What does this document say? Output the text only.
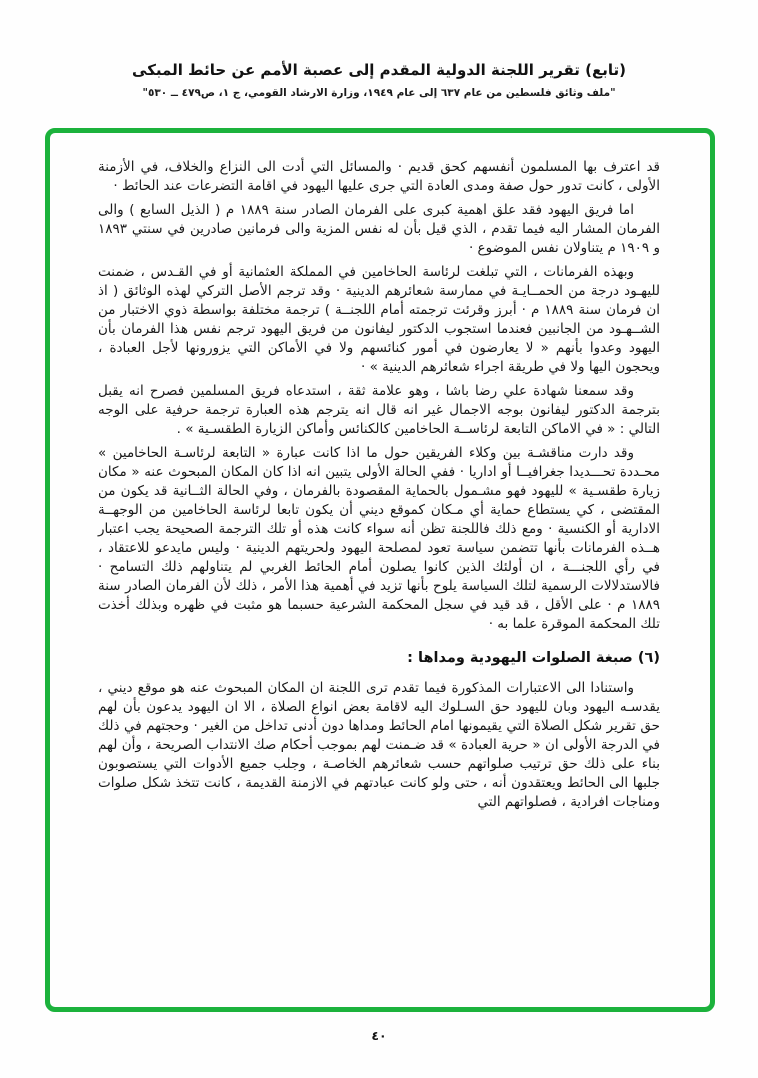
(تابع) تقرير اللجنة الدولية المقدم إلى عصبة الأمم عن حائط المبكى
"ملف وثائق فلسطين من عام ٦٣٧ إلى عام ١٩٤٩، وزارة الارشاد القومي، ج ١، ص٤٧٩ ــ ٥٣٠"

قد اعترف بها المسلمون أنفسهم كحق قديم · والمسائل التي أدت الى النزاع والخلاف، في الأزمنة الأولى ، كانت تدور حول صفة ومدى العادة التي جرى عليها اليهود في اقامة التضرعات عند الحائط ·

اما فريق اليهود فقد علق اهمية كبرى على الفرمان الصادر سنة ١٨٨٩ م ( الذيل السابع ) والى الفرمان المشار اليه فيما تقدم ، الذي قيل بأن له نفس المزية والى فرمانين صادرين في سنتي ١٨٩٣ و ١٩٠٩ م يتناولان نفس الموضوع ·

وبهذه الفرمانات ، التي تبلغت لرئاسة الحاخامين في المملكة العثمانية أو في القـدس ، ضمنت لليهـود درجة من الحمــايـة في ممارسة شعائرهم الدينية · وقد ترجم الأصل التركي لهذه الوثائق ( اذ ان فرمان سنة ١٨٨٩ م · أبرز وقرئت ترجمته أمام اللجنــة ) ترجمة مختلفة بواسطة ذوي الاختبار من الشــهـود من الجانبين فعندما استجوب الدكتور ليفانون من فريق اليهود ترجم نفس هذا الفرمان بأن اليهود وعدوا بأنهم « لا يعارضون في أمور كنائسهم ولا في الأماكن التي يزورونها لأجل العبادة ، ويحجون اليها ولا في طريقة اجراء شعائرهم الدينية » ·

وقد سمعنا شهادة علي رضا باشا ، وهو علامة ثقة ، استدعاه فريق المسلمين فصرح انه يقبل بترجمة الدكتور ليفانون بوجه الاجمال غير انه قال انه يترجم هذه العبارة ترجمة حرفية على الوجه التالي : « في الاماكن التابعة لرئاســة الحاخامين كالكنائس وأماكن الزيارة الطقسـية » .

وقد دارت مناقشـة بين وكلاء الفريقين حول ما اذا كانت عبارة « التابعة لرئاسـة الحاخامين » محـددة تحـــديدا جغرافيــا أو اداريا · ففي الحالة الأولى يتبين انه اذا كان المكان المبحوث عنه « مكان زيارة طقسـية » لليهود فهو مشـمول بالحماية المقصودة بالفرمان ، وفي الحالة الثــانية قد يكون من المقتضى ، كي يستطاع حماية أي مـكان كموقع ديني أن يكون تابعا لرئاسة الحاخامين من الوجهــة الادارية أو الكنسية · ومع ذلك فاللجنة تظن أنه سواء كانت هذه أو تلك الترجمة الصحيحة يجب اعتبار هــذه الفرمانات بأنها تتضمن سياسة تعود لمصلحة اليهود ولحريتهم الدينية · وليس مايدعو للاعتقاد ، في رأي اللجنـــة ، ان أولئك الذين كانوا يصلون أمام الحائط الغربي لم يتناولهم ذلك التسامح · فالاستدلالات الرسمية لتلك السياسة يلوح بأنها تزيد في أهمية هذا الأمر ، ذلك لأن الفرمان الصادر سنة ١٨٨٩ م · على الأقل ، قد قيد في سجل المحكمة الشرعية حسبما هو مثبت في ظهره وبذلك أخذت تلك المحكمة الموقرة علما به ·

(٦) صبغة الصلوات اليهودية ومداها :

واستنادا الى الاعتبارات المذكورة فيما تقدم ترى اللجنة ان المكان المبحوث عنه هو موقع ديني ، يقدسـه اليهود وبان لليهود حق السـلوك اليه لاقامة بعض انواع الصلاة ، الا ان اليهود يدعون بأن لهم حق تقرير شكل الصلاة التي يقيمونها امام الحائط ومداها دون أدنى تداخل من الغير · وحجتهم في ذلك في الدرجة الأولى ان « حرية العبادة » قد ضـمنت لهم بموجب أحكام صك الانتداب الصريحة ، وأن لهم بناء على ذلك حق ترتيب صلواتهم حسب شعائرهم الخاصـة ، وجلب جميع الأدوات التي يستصوبون جلبها الى الحائط ويعتقدون أنه ، حتى ولو كانت عبادتهم في الازمنة القديمة ، كانت تتخذ شكل صلوات ومناجات افرادية ، فصلواتهم التي

٤٠
